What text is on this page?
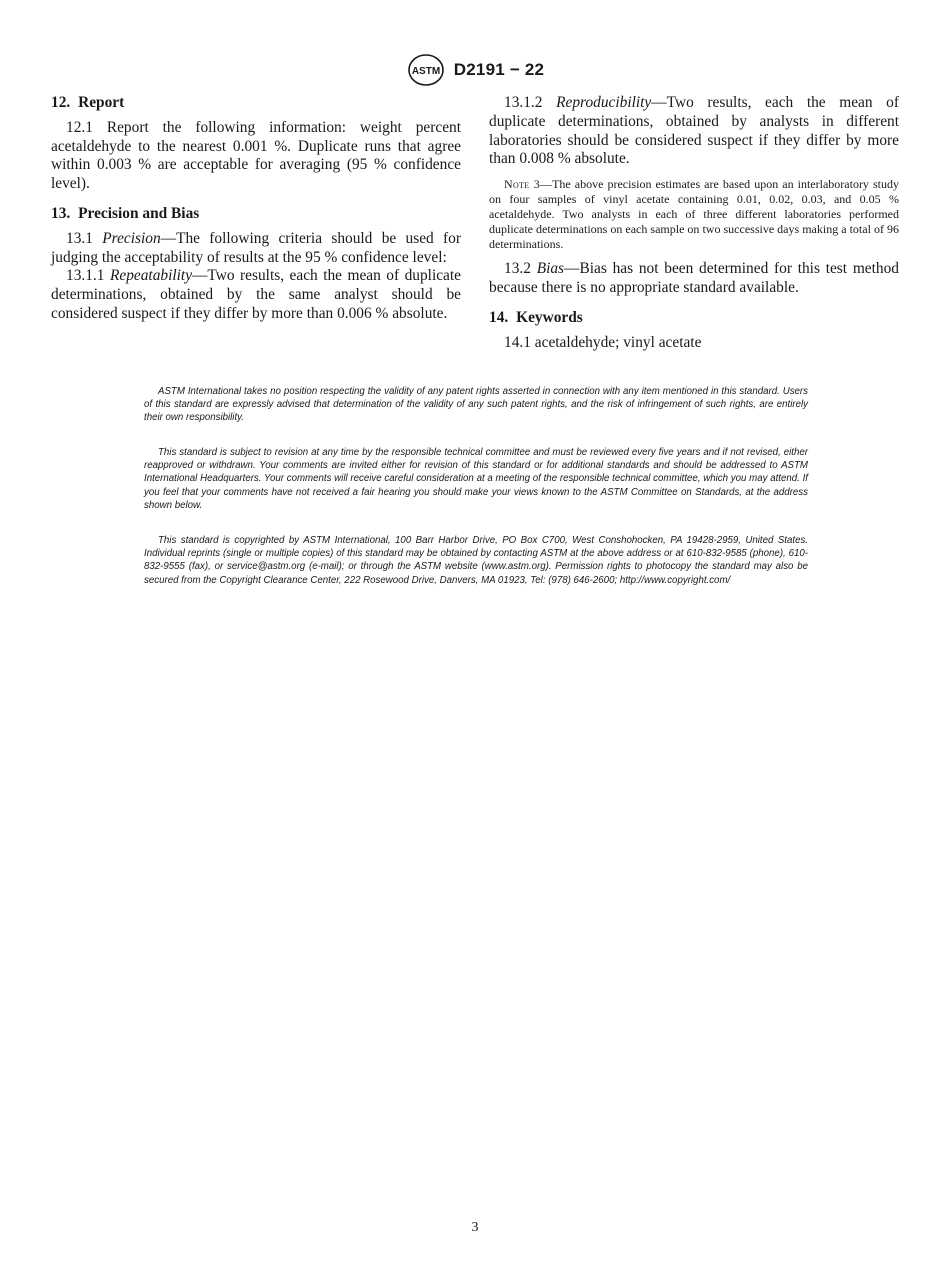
ASTM D2191 − 22
12. Report

12.1 Report the following information: weight percent acetaldehyde to the nearest 0.001 %. Duplicate runs that agree within 0.003 % are acceptable for averaging (95 % confidence level).

13. Precision and Bias

13.1 Precision—The following criteria should be used for judging the acceptability of results at the 95 % confidence level:

13.1.1 Repeatability—Two results, each the mean of duplicate determinations, obtained by the same analyst should be considered suspect if they differ by more than 0.006 % absolute.

13.1.2 Reproducibility—Two results, each the mean of duplicate determinations, obtained by analysts in different laboratories should be considered suspect if they differ by more than 0.008 % absolute.

Note 3—The above precision estimates are based upon an interlaboratory study on four samples of vinyl acetate containing 0.01, 0.02, 0.03, and 0.05 % acetaldehyde. Two analysts in each of three different laboratories performed duplicate determinations on each sample on two successive days making a total of 96 determinations.

13.2 Bias—Bias has not been determined for this test method because there is no appropriate standard available.

14. Keywords

14.1 acetaldehyde; vinyl acetate

ASTM International takes no position respecting the validity of any patent rights asserted in connection with any item mentioned in this standard. Users of this standard are expressly advised that determination of the validity of any such patent rights, and the risk of infringement of such rights, are entirely their own responsibility.

This standard is subject to revision at any time by the responsible technical committee and must be reviewed every five years and if not revised, either reapproved or withdrawn. Your comments are invited either for revision of this standard or for additional standards and should be addressed to ASTM International Headquarters. Your comments will receive careful consideration at a meeting of the responsible technical committee, which you may attend. If you feel that your comments have not received a fair hearing you should make your views known to the ASTM Committee on Standards, at the address shown below.

This standard is copyrighted by ASTM International, 100 Barr Harbor Drive, PO Box C700, West Conshohocken, PA 19428-2959, United States. Individual reprints (single or multiple copies) of this standard may be obtained by contacting ASTM at the above address or at 610-832-9585 (phone), 610-832-9555 (fax), or service@astm.org (e-mail); or through the ASTM website (www.astm.org). Permission rights to photocopy the standard may also be secured from the Copyright Clearance Center, 222 Rosewood Drive, Danvers, MA 01923, Tel: (978) 646-2600; http://www.copyright.com/

3
